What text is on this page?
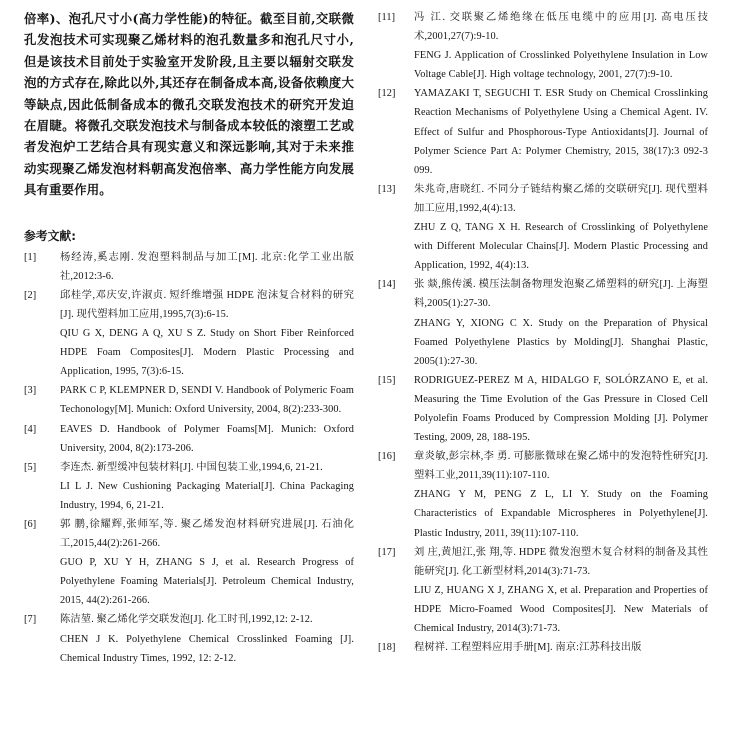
倍率)、泡孔尺寸小(高力学性能)的特征。截至目前,交联微孔发泡技术可实现聚乙烯材料的泡孔数量多和泡孔尺寸小,但是该技术目前处于实验室开发阶段,且主要以辐射交联发泡的方式存在,除此以外,其还存在制备成本高,设备依赖度大等缺点,因此低制备成本的微孔交联发泡技术的研究开发迫在眉睫。将微孔交联发泡技术与制备成本较低的滚塑工艺或者发泡炉工艺结合具有现实意义和深远影响,其对于未来推动实现聚乙烯发泡材料朝高发泡倍率、高力学性能方向发展具有重要作用。

参考文献:
[1] 杨经涛,奚志刚. 发泡塑料制品与加工[M]. 北京:化学工业出版社,2012:3-6.
[2] 邱桂学,邓庆安,许淑贞. 短纤维增强 HDPE 泡沫复合材料的研究[J]. 现代塑料加工应用,1995,7(3):6-15.
QIU G X, DENG A Q, XU S Z. Study on Short Fiber Reinforced HDPE Foam Composites[J]. Modern Plastic Processing and Application, 1995, 7(3):6-15.
[3] PARK C P, KLEMPNER D, SENDI V. Handbook of Polymeric Foam Techonology[M]. Munich: Oxford University, 2004, 8(2):233-300.
[4] EAVES D. Handbook of Polymer Foams[M]. Munich: Oxford University, 2004, 8(2):173-206.
[5] 李连杰. 新型缓冲包装材料[J]. 中国包装工业,1994,6, 21-21.
LI L J. New Cushioning Packaging Material[J]. China Packaging Industry, 1994, 6, 21-21.
[6] 郭 鹏,徐耀辉,张师军,等. 聚乙烯发泡材料研究进展[J]. 石油化工,2015,44(2):261-266.
GUO P, XU Y H, ZHANG S J, et al. Research Progress of Polyethylene Foaming Materials[J]. Petroleum Chemical Industry, 2015, 44(2):261-266.
[7] 陈洁堃. 聚乙烯化学交联发泡[J]. 化工时刊,1992,12: 2-12.
CHEN J K. Polyethylene Chemical Crosslinked Foaming [J]. Chemical Industry Times, 1992, 12: 2-12.
[11] 冯 江. 交联聚乙烯绝缘在低压电缆中的应用[J]. 高电压技术,2001,27(7):9-10.
FENG J. Application of Crosslinked Polyethylene Insulation in Low Voltage Cable[J]. High voltage technology, 2001, 27(7):9-10.
[12] YAMAZAKI T, SEGUCHI T. ESR Study on Chemical Crosslinking Reaction Mechanisms of Polyethylene Using a Chemical Agent. IV. Effect of Sulfur and Phosphorous-Type Antioxidants[J]. Journal of Polymer Science Part A: Polymer Chemistry, 2015, 38(17):3 092-3 099.
[13] 朱兆奇,唐晓红. 不同分子链结构聚乙烯的交联研究[J]. 现代塑料加工应用,1992,4(4):13.
ZHU Z Q, TANG X H. Research of Crosslinking of Polyethylene with Different Molecular Chains[J]. Modern Plastic Processing and Application, 1992, 4(4):13.
[14] 张 燚,熊传溪. 模压法制备物理发泡聚乙烯塑料的研究[J]. 上海塑料,2005(1):27-30.
ZHANG Y, XIONG C X. Study on the Preparation of Physical Foamed Polyethylene Plastics by Molding[J]. Shanghai Plastic, 2005(1):27-30.
[15] RODRIGUEZ-PEREZ M A, HIDALGO F, SOLÓRZANO E, et al. Measuring the Time Evolution of the Gas Pressure in Closed Cell Polyolefin Foams Produced by Compression Molding [J]. Polymer Testing, 2009, 28, 188-195.
[16] 章炎敏,彭宗林,李 勇. 可膨胀微球在聚乙烯中的发泡特性研究[J]. 塑料工业,2011,39(11):107-110.
ZHANG Y M, PENG Z L, LI Y. Study on the Foaming Characteristics of Expandable Microspheres in Polyethylene[J]. Plastic Industry, 2011, 39(11):107-110.
[17] 刘 庄,黄旭江,张 翔,等. HDPE 微发泡塑木复合材料的制备及其性能研究[J]. 化工新型材料,2014(3):71-73.
LIU Z, HUANG X J, ZHANG X, et al. Preparation and Properties of HDPE Micro-Foamed Wood Composites[J]. New Materials of Chemical Industry, 2014(3):71-73.
[18] 程树祥. 工程塑料应用手册[M]. 南京:江苏科技出版
